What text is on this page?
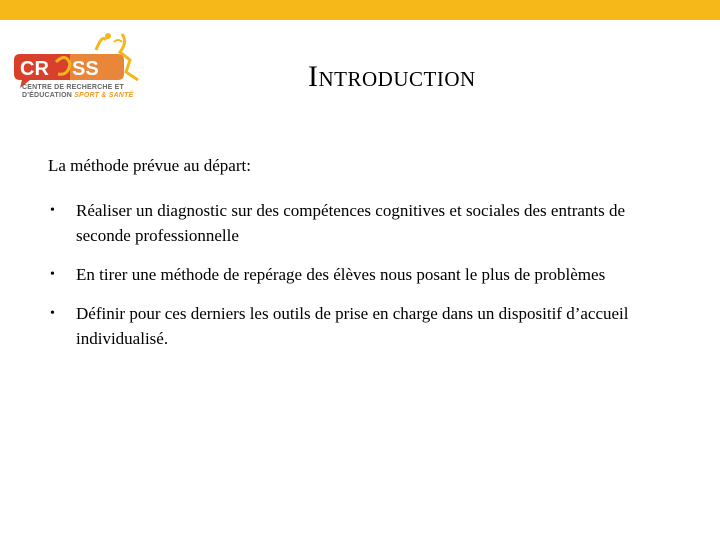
CR SS
CENTRE DE RECHERCHE ET
D'ÉDUCATION SPORT & SANTÉ
INTRODUCTION
La méthode prévue au départ:
•	Réaliser un diagnostic sur des compétences cognitives et sociales des entrants de seconde professionnelle
•	En tirer une méthode de repérage des élèves nous posant le plus de problèmes
•	Définir pour ces derniers les outils de prise en charge dans un dispositif d’accueil individualisé.
